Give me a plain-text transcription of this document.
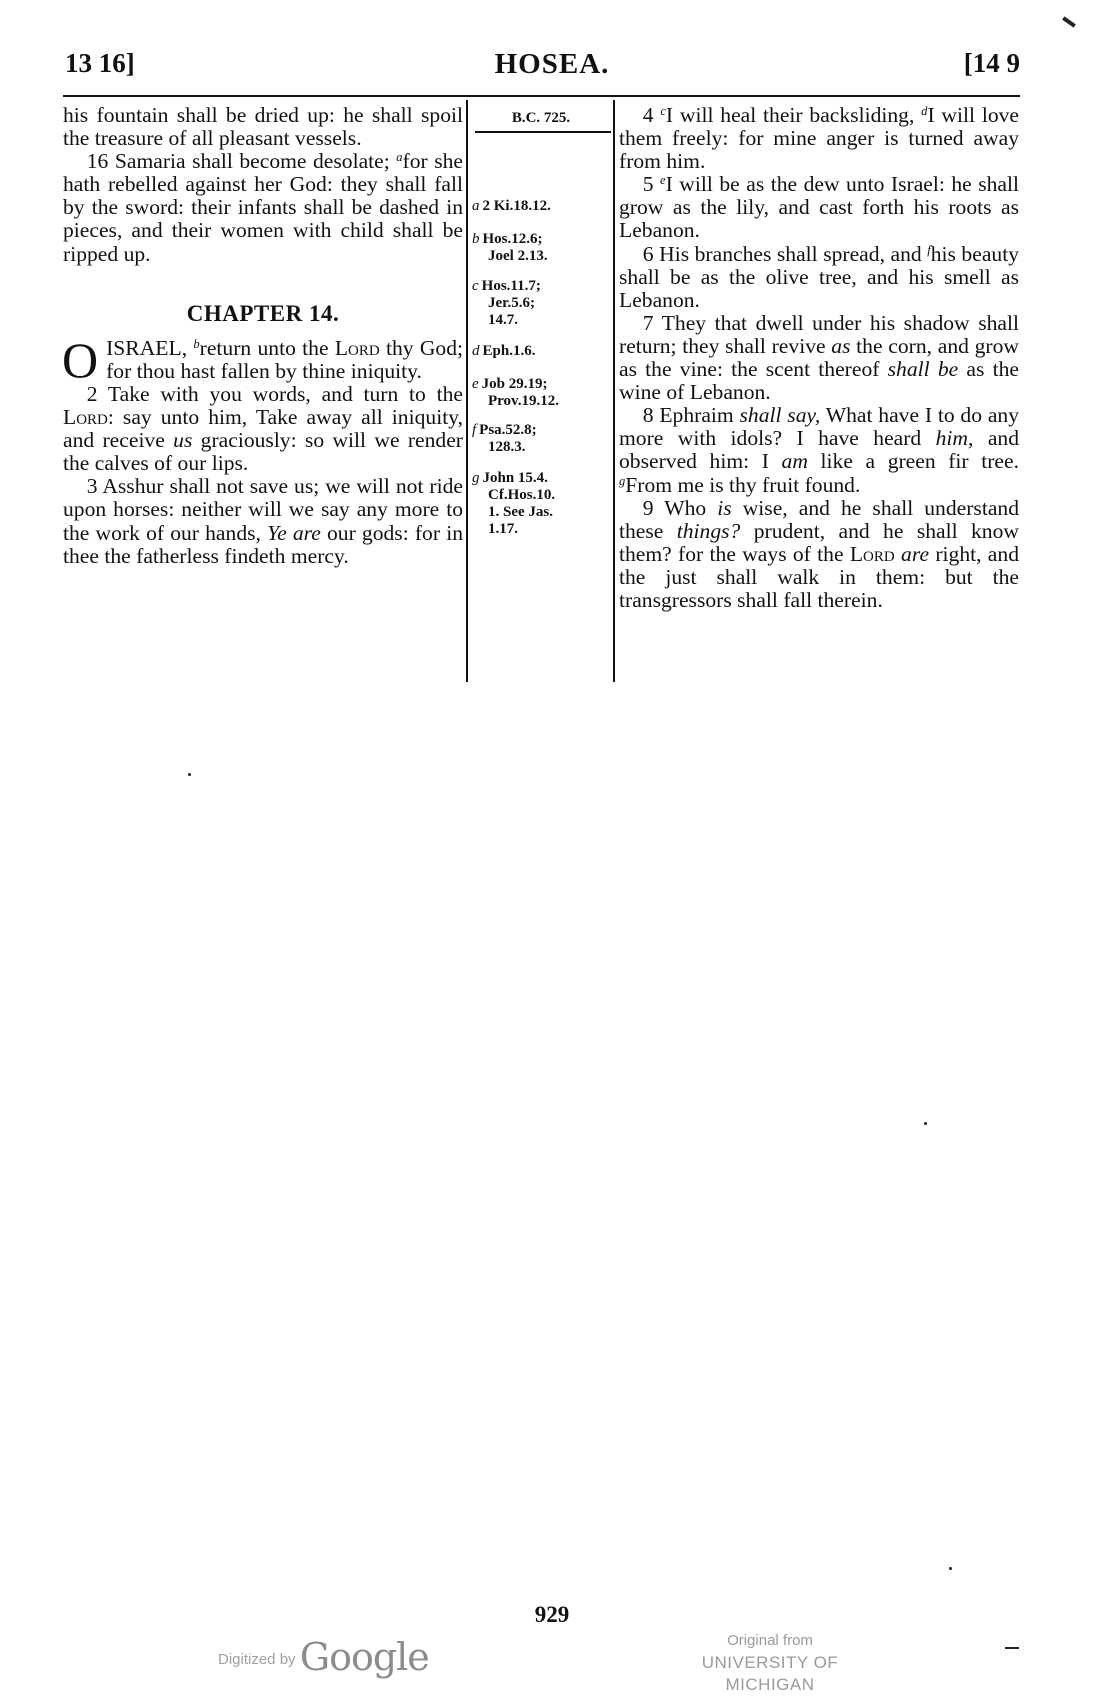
13 16]	HOSEA.	[14 9

his fountain shall be dried up: he shall spoil the treasure of all pleasant vessels.

16 Samaria shall become desolate; $^a$for she hath rebelled against her God: they shall fall by the sword: their infants shall be dashed in pieces, and their women with child shall be ripped up.

CHAPTER 14.

O ISRAEL, $^b$return unto the Lord thy God; for thou hast fallen by thine iniquity.

2 Take with you words, and turn to the Lord: say unto him, Take away all iniquity, and receive us graciously: so will we render the calves of our lips.

3 Asshur shall not save us; we will not ride upon horses: neither will we say any more to the work of our hands, Ye are our gods: for in thee the fatherless findeth mercy.

B.C. 725.
a 2 Ki.18.12.
b Hos.12.6;
Joel 2.13.
c Hos.11.7;
Jer.5.6;
14.7.
d Eph.1.6.
e Job 29.19;
Prov.19.12.
f Psa.52.8;
128.3.
g John 15.4.
Cf.Hos.10.
1. See Jas.
1.17.

4 $^c$I will heal their backsliding, $^d$I will love them freely: for mine anger is turned away from him.

5 $^e$I will be as the dew unto Israel: he shall grow as the lily, and cast forth his roots as Lebanon.

6 His branches shall spread, and $^f$his beauty shall be as the olive tree, and his smell as Lebanon.

7 They that dwell under his shadow shall return; they shall revive as the corn, and grow as the vine: the scent thereof shall be as the wine of Lebanon.

8 Ephraim shall say, What have I to do any more with idols? I have heard him, and observed him: I am like a green fir tree. $^g$From me is thy fruit found.

9 Who is wise, and he shall understand these things? prudent, and he shall know them? for the ways of the Lord are right, and the just shall walk in them: but the transgressors shall fall therein.

929
Digitized by Google	Original from
UNIVERSITY OF MICHIGAN
